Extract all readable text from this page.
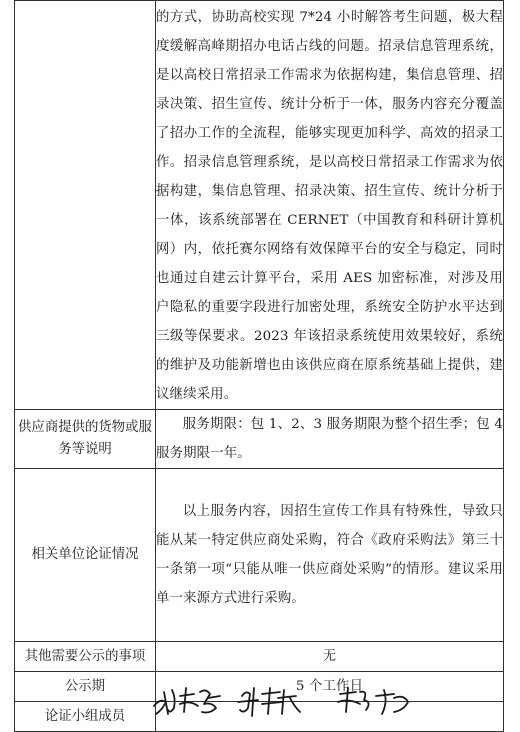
	的方式，协助高校实现 7*24 小时解答考生问题，极大程度缓解高峰期招办电话占线的问题。招录信息管理系统，是以高校日常招录工作需求为依据构建，集信息管理、招录决策、招生宣传、统计分析于一体，服务内容充分覆盖了招办工作的全流程，能够实现更加科学、高效的招录工作。招录信息管理系统，是以高校日常招录工作需求为依据构建，集信息管理、招录决策、招生宣传、统计分析于一体，该系统部署在 CERNET（中国教育和科研计算机网）内，依托赛尔网络有效保障平台的安全与稳定，同时也通过自建云计算平台，采用 AES 加密标准，对涉及用户隐私的重要字段进行加密处理，系统安全防护水平达到三级等保要求。2023 年该招录系统使用效果较好，系统的维护及功能新增也由该供应商在原系统基础上提供，建议继续采用。
供应商提供的货物或服务等说明	服务期限：包 1、2、3 服务期限为整个招生季；包 4 服务期限一年。
相关单位论证情况	以上服务内容，因招生宣传工作具有特殊性，导致只能从某一特定供应商处采购，符合《政府采购法》第三十一条第一项“只能从唯一供应商处采购”的情形。建议采用单一来源方式进行采购。
其他需要公示的事项	无
公示期	5 个工作日
论证小组成员	
